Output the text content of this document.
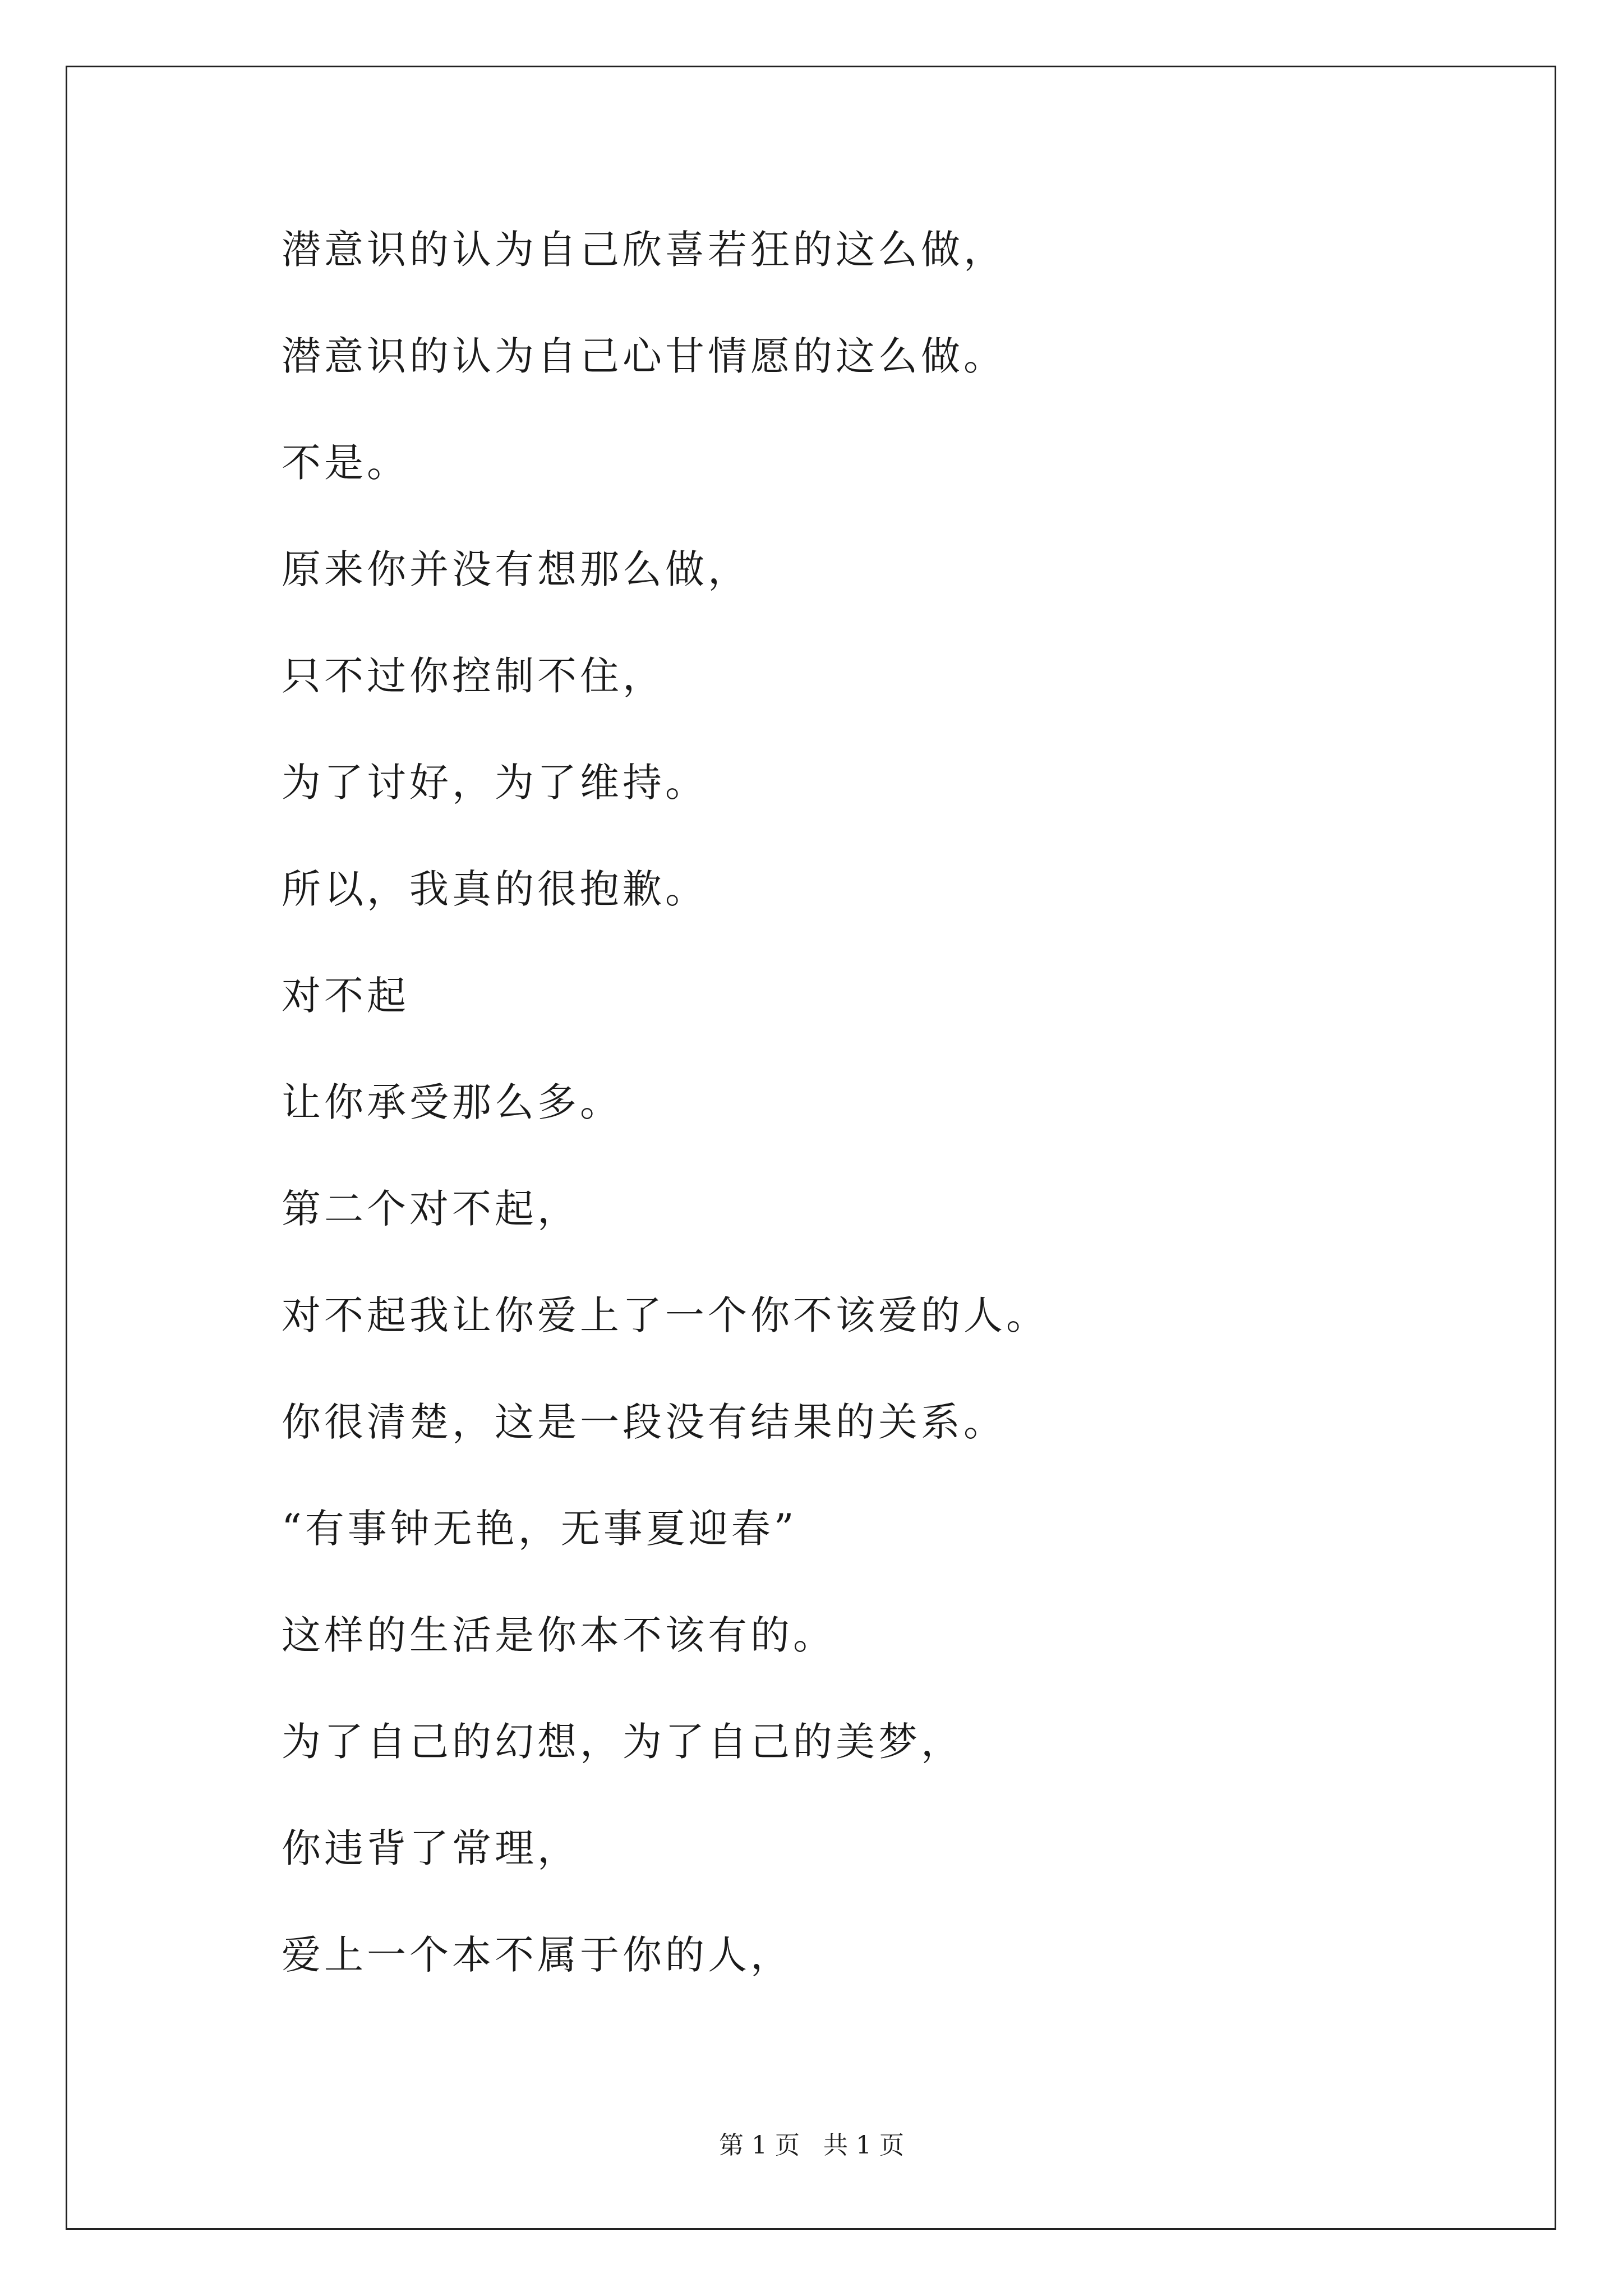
潜意识的认为自己欣喜若狂的这么做，

潜意识的认为自己心甘情愿的这么做。

不是。

原来你并没有想那么做，

只不过你控制不住，

为了讨好，为了维持。

所以，我真的很抱歉。

对不起

让你承受那么多。

第二个对不起，

对不起我让你爱上了一个你不该爱的人。

你很清楚，这是一段没有结果的关系。

“有事钟无艳，无事夏迎春”

这样的生活是你本不该有的。

为了自己的幻想，为了自己的美梦，

你违背了常理，

爱上一个本不属于你的人，

第 1 页   共 1 页
